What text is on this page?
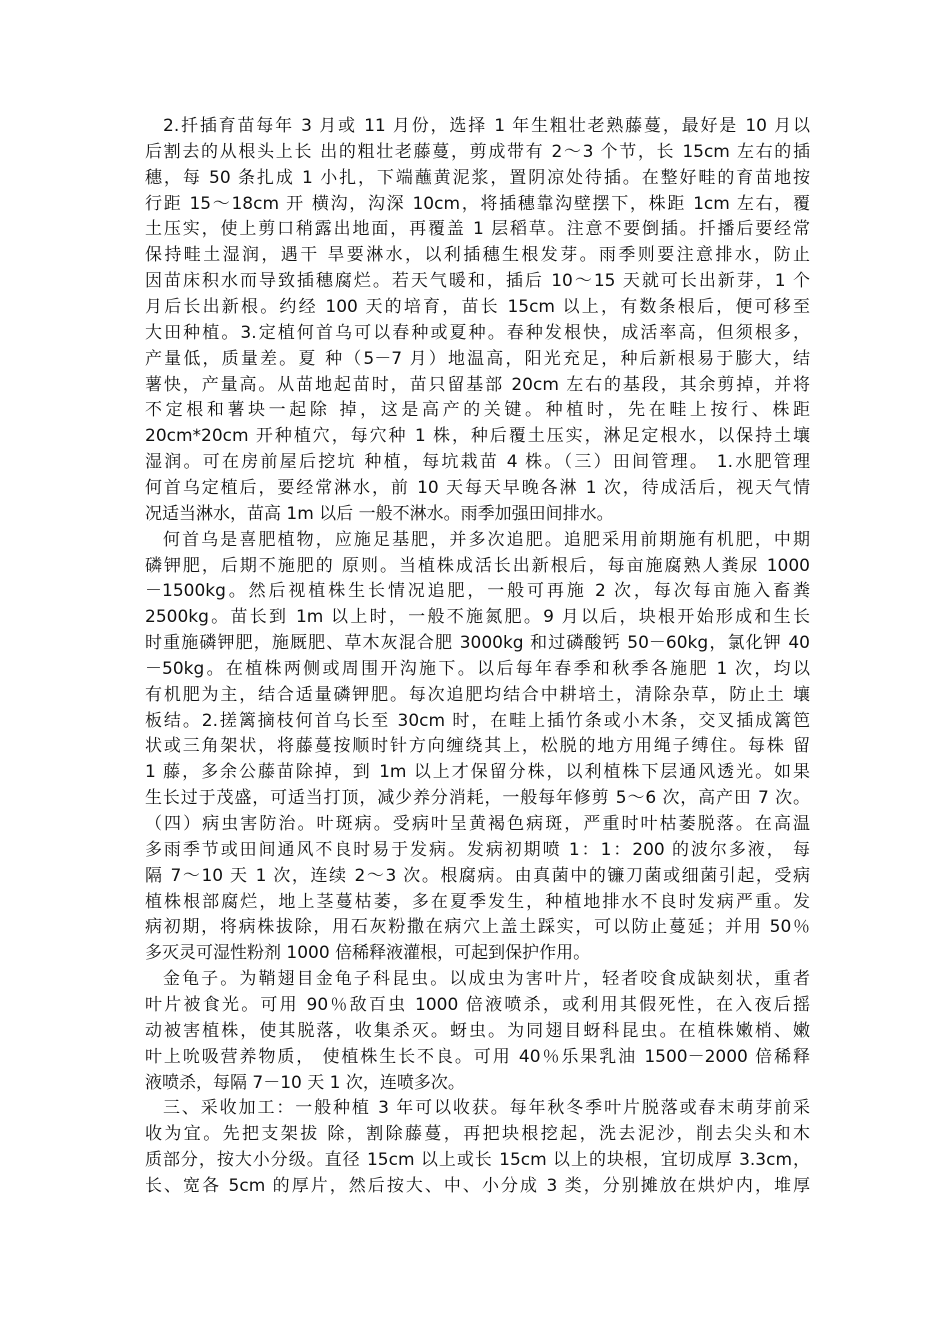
2.扦插育苗每年 3 月或 11 月份，选择 1 年生粗壮老熟藤蔓，最好是 10 月以
后割去的从根头上长 出的粗壮老藤蔓，剪成带有 2～3 个节，长 15cm 左右的插
穗，每 50 条扎成 1 小扎，下端蘸黄泥浆，置阴凉处待插。在整好畦的育苗地按
行距 15～18cm 开 横沟，沟深 10cm，将插穗靠沟壁摆下，株距 1cm 左右，覆
土压实，使上剪口稍露出地面，再覆盖 1 层稻草。注意不要倒插。扦播后要经常
保持畦土湿润，遇干 旱要淋水，以利插穗生根发芽。雨季则要注意排水，防止
因苗床积水而导致插穗腐烂。若天气暖和，插后 10～15 天就可长出新芽，1 个
月后长出新根。约经 100 天的培育，苗长 15cm 以上，有数条根后，便可移至
大田种植。3.定植何首乌可以春种或夏种。春种发根快，成活率高，但须根多，
产量低，质量差。夏 种（5－7 月）地温高，阳光充足，种后新根易于膨大，结
薯快，产量高。从苗地起苗时，苗只留基部 20cm 左右的基段，其余剪掉，并将
不定根和薯块一起除 掉，这是高产的关键。种植时，先在畦上按行、株距
20cm*20cm 开种植穴，每穴种 1 株，种后覆土压实，淋足定根水，以保持土壤
湿润。可在房前屋后挖坑 种植，每坑栽苗 4 株。（三）田间管理。 1.水肥管理
何首乌定植后，要经常淋水，前 10 天每天早晚各淋 1 次，待成活后，视天气情
况适当淋水，苗高 1m 以后 一般不淋水。雨季加强田间排水。
何首乌是喜肥植物，应施足基肥，并多次追肥。追肥采用前期施有机肥，中期
磷钾肥，后期不施肥的 原则。当植株成活长出新根后，每亩施腐熟人粪尿 1000
－1500kg。然后视植株生长情况追肥，一般可再施 2 次，每次每亩施入畜粪
2500kg。苗长到 1m 以上时，一般不施氮肥。9 月以后，块根开始形成和生长
时重施磷钾肥，施厩肥、草木灰混合肥 3000kg 和过磷酸钙 50－60kg，氯化钾 40
－50kg。在植株两侧或周围开沟施下。以后每年春季和秋季各施肥 1 次，均以
有机肥为主，结合适量磷钾肥。每次追肥均结合中耕培土，清除杂草，防止土 壤
板结。2.搓篱摘枝何首乌长至 30cm 时，在畦上插竹条或小木条，交叉插成篱笆
状或三角架状，将藤蔓按顺时针方向缠绕其上，松脱的地方用绳子缚住。每株 留
1 藤，多余公藤苗除掉，到 1m 以上才保留分株，以利植株下层通风透光。如果
生长过于茂盛，可适当打顶，减少养分消耗，一般每年修剪 5～6 次，高产田 7 次。
（四）病虫害防治。叶斑病。受病叶呈黄褐色病斑，严重时叶枯萎脱落。在高温
多雨季节或田间通风不良时易于发病。发病初期喷 1：1：200 的波尔多液， 每
隔 7～10 天 1 次，连续 2～3 次。根腐病。由真菌中的镰刀菌或细菌引起，受病
植株根部腐烂，地上茎蔓枯萎，多在夏季发生，种植地排水不良时发病严重。发
病初期，将病株拔除，用石灰粉撒在病穴上盖土踩实，可以防止蔓延；并用 50％
多灭灵可湿性粉剂 1000 倍稀释液灌根，可起到保护作用。
金龟子。为鞘翅目金龟子科昆虫。以成虫为害叶片，轻者咬食成缺刻状，重者
叶片被食光。可用 90％敌百虫 1000 倍液喷杀，或利用其假死性，在入夜后摇
动被害植株，使其脱落，收集杀灭。蚜虫。为同翅目蚜科昆虫。在植株嫩梢、嫩
叶上吮吸营养物质， 使植株生长不良。可用 40％乐果乳油 1500－2000 倍稀释
液喷杀，每隔 7－10 天 1 次，连喷多次。
三、采收加工：一般种植 3 年可以收获。每年秋冬季叶片脱落或春末萌芽前采
收为宜。先把支架拔 除，割除藤蔓，再把块根挖起，洗去泥沙，削去尖头和木
质部分，按大小分级。直径 15cm 以上或长 15cm 以上的块根，宜切成厚 3.3cm，
长、宽各 5cm 的厚片，然后按大、中、小分成 3 类，分别摊放在烘炉内，堆厚
